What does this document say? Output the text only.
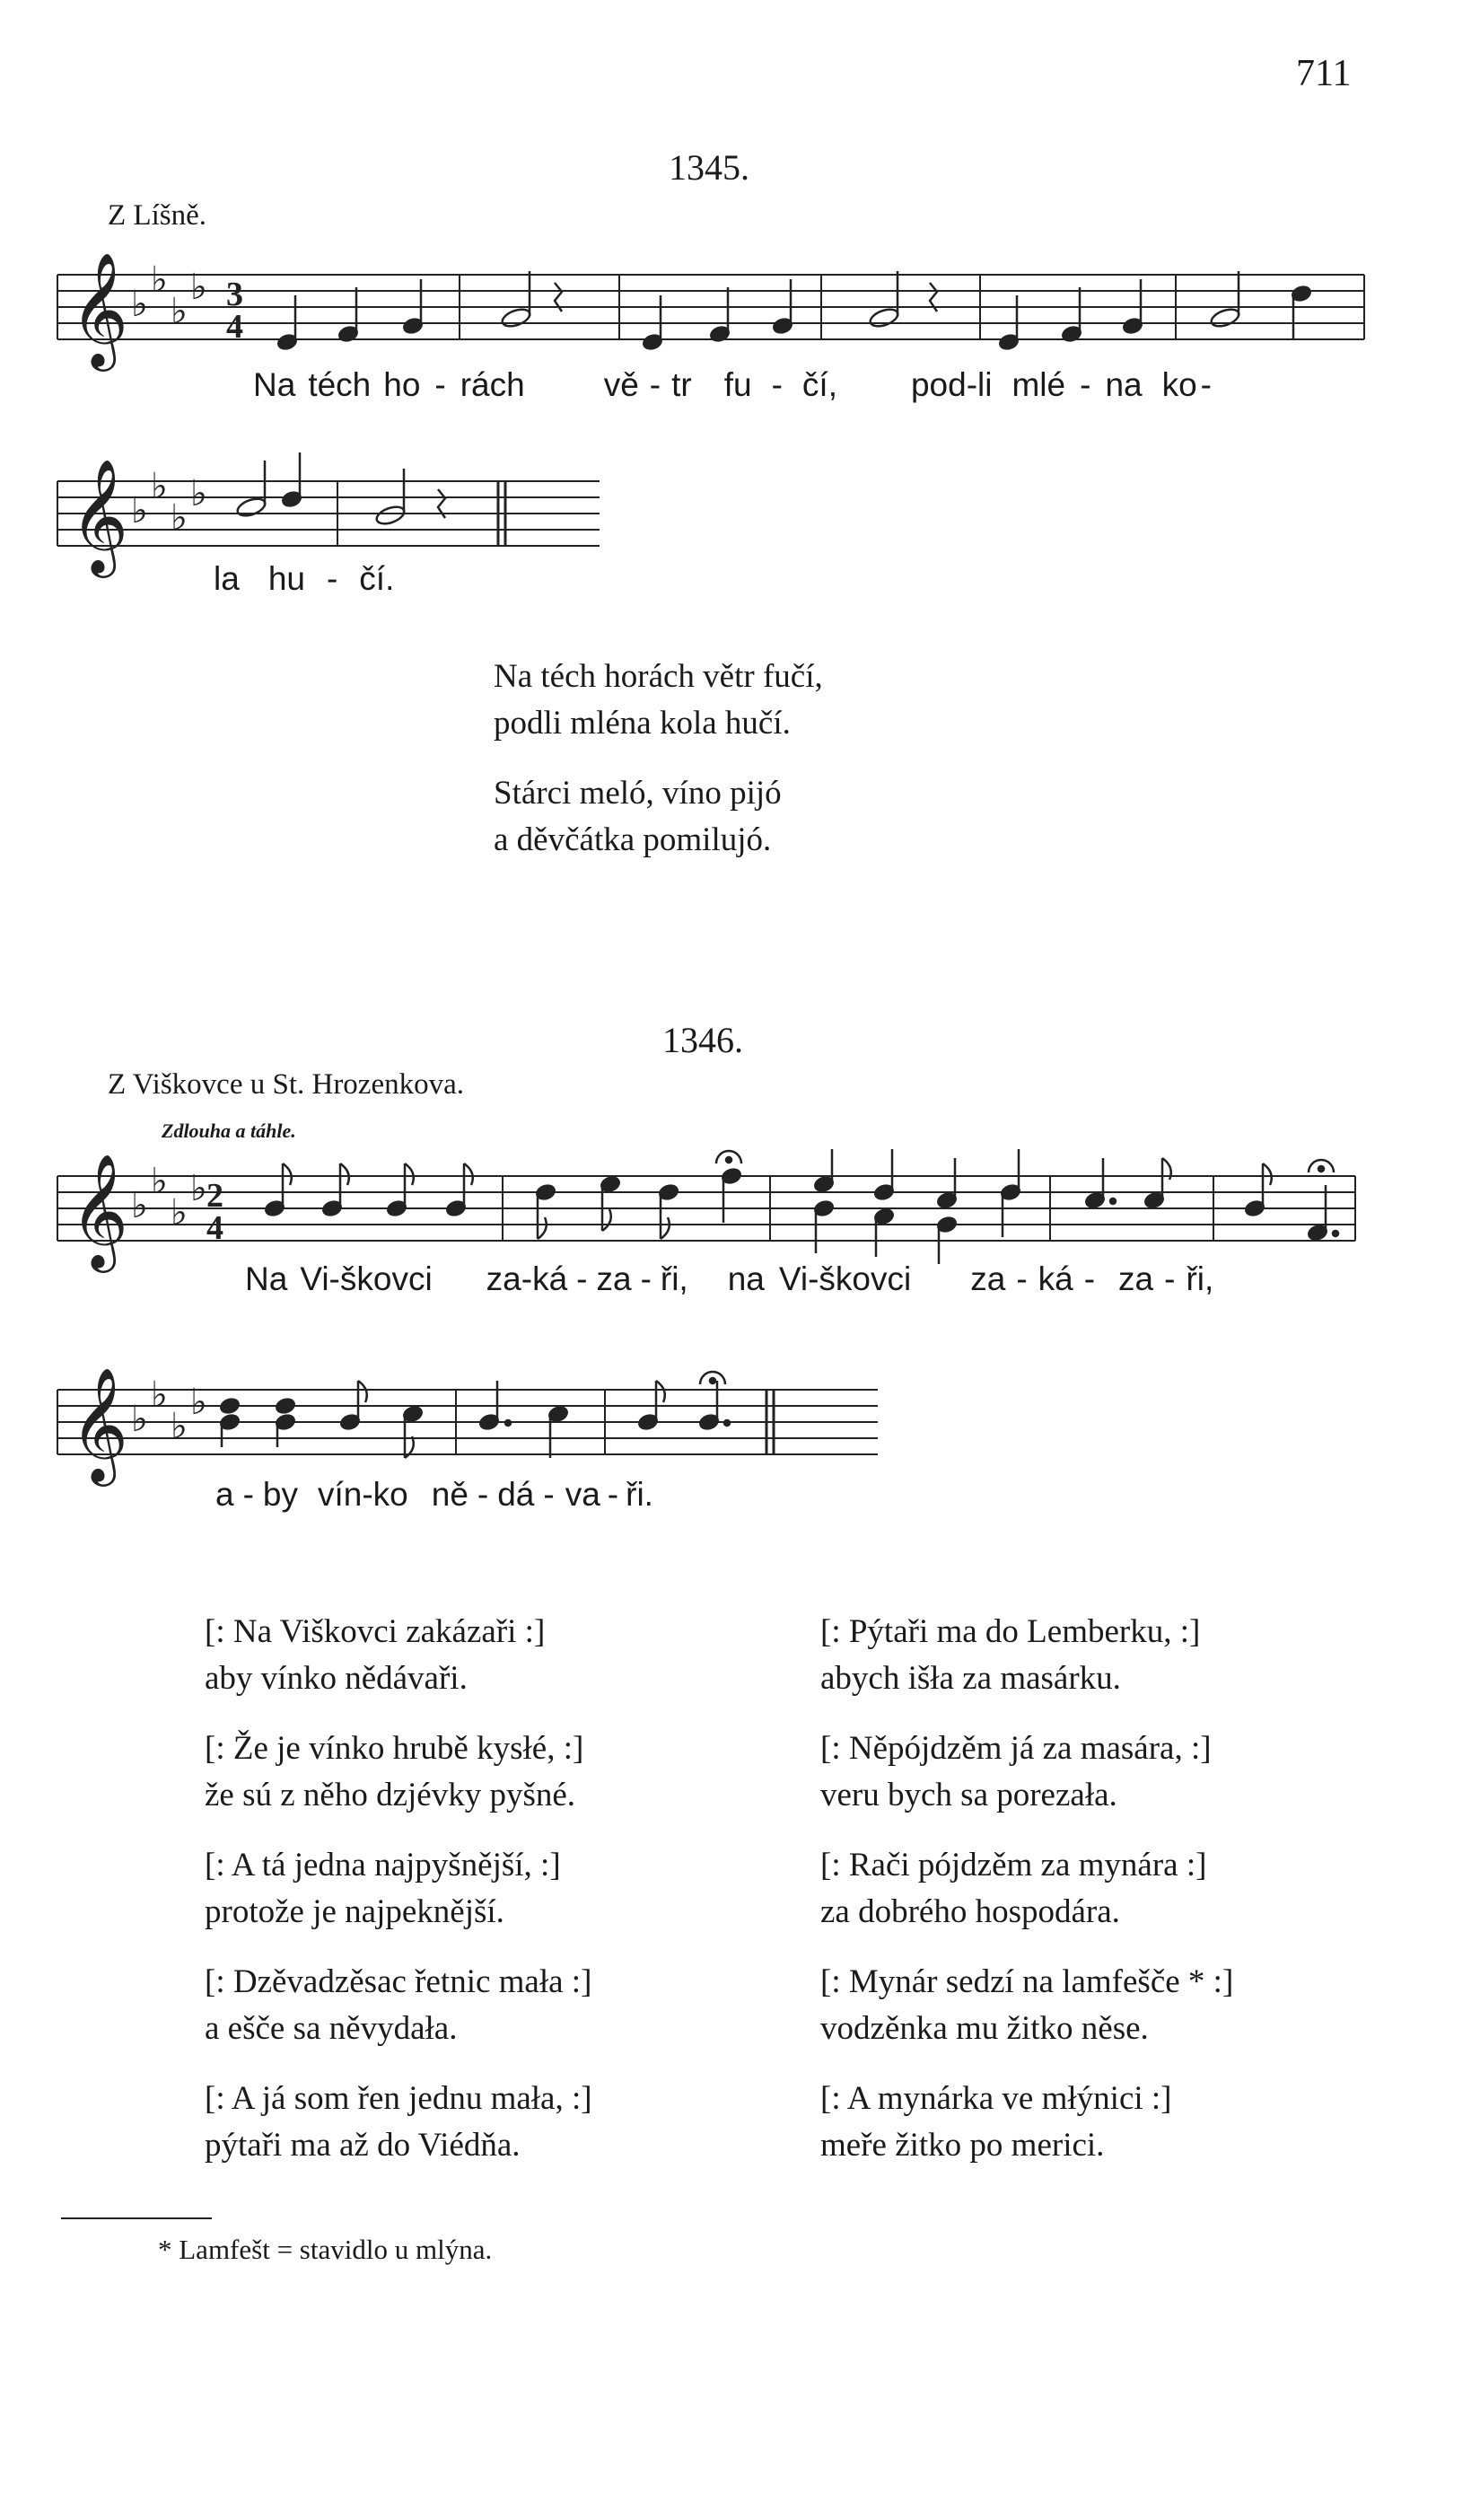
711
1345.
Z Líšně.
𝄞 ♭
♭
♭
♭ 3
4
Na téch ho - rách vě - tr fu - čí, pod-li mlé - na ko -
𝄞 ♭
♭
♭
♭
la hu - čí.
Na téch horách větr fučí,
podli mléna kola hučí.
Stárci meló, víno pijó
a děvčátka pomilujó.
1346.
Z Viškovce u St. Hrozenkova.
Zdlouha a táhle.
𝄞 ♭
♭
♭
♭ 2
4
Na Vi-škovci za-ká - za - ři, na Vi-škovci za - ká - za - ři,
𝄞 ♭
♭
♭
♭
a - by vín-ko ně - dá - va - ři.
[: Na Viškovci zakázaři :]
aby vínko nědávaři.
[: Že je vínko hrubě kysłé, :]
že sú z něho dzjévky pyšné.
[: A tá jedna najpyšnější, :]
protože je najpeknější.
[: Dzěvadzěsac řetnic mała :]
a ešče sa něvydała.
[: A já som řen jednu mała, :]
pýtaři ma až do Viédňa.
[: Pýtaři ma do Lemberku, :]
abych išła za masárku.
[: Něpójdzěm já za masára, :]
veru bych sa porezała.
[: Rači pójdzěm za mynára :]
za dobrého hospodára.
[: Mynár sedzí na lamfešče * :]
vodzěnka mu žitko něse.
[: A mynárka ve młýnici :]
meře žitko po merici.
* Lamfešt = stavidlo u mlýna.
